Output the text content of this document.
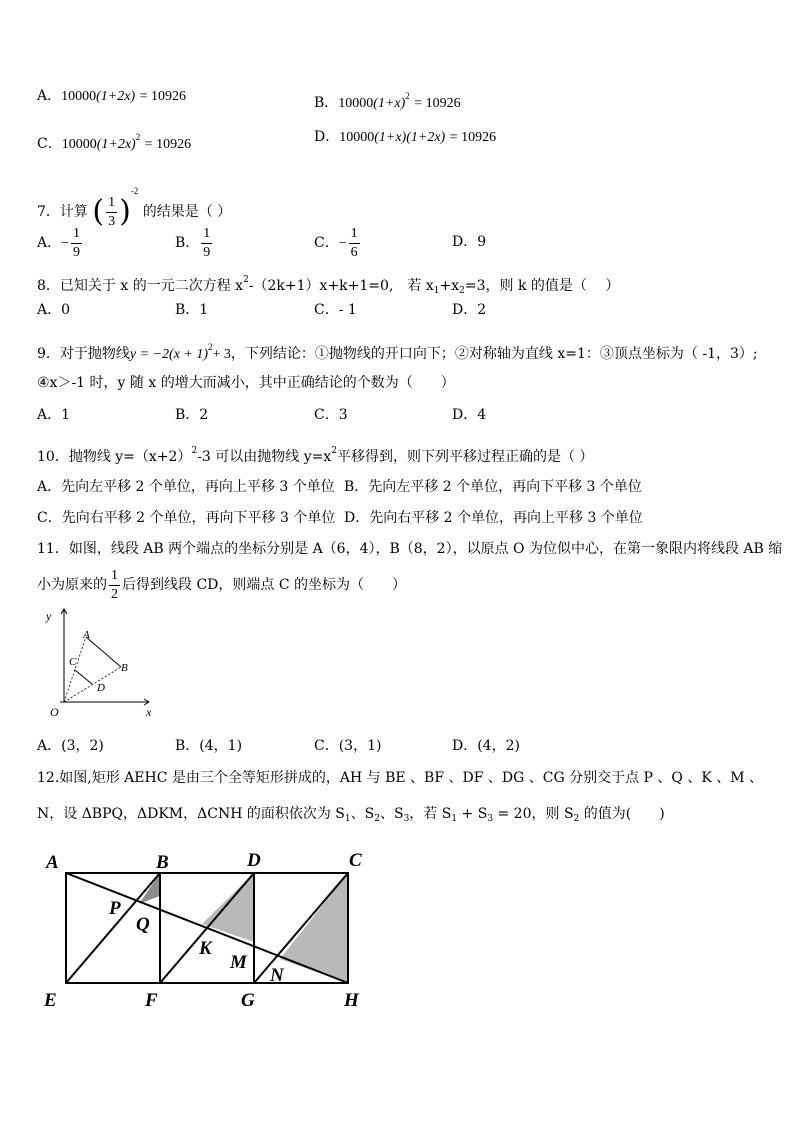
A．10000(1+2x) = 10926	B．$10000(1+x)^2 = 10926$
C．$10000(1+2x)^2 = 10926$	D．10000(1+x)(1+2x) = 10926
7．计算 ( $\frac{1}{3} )^{-2}$ 的结果是（ ）
A．− $\frac{1}{9}$	B． $\frac{1}{9}$	C．− $\frac{1}{6}$	D．9
8．已知关于 x 的一元二次方程 $x^2-(2k+1)x+k+1=0$,　若 $x_1+x_2=3$，则 k 的值是（　 ）
A．0	B．1	C．- 1	D．2
9．对于抛物线$y = -2(x + 1)^2+ 3$，下列结论：①抛物线的开口向下；②对称轴为直线 x=1：③顶点坐标为（ -1，3）;
④x＞-1 时，y 随 x 的增大而减小，其中正确结论的个数为（　　）
A．1	B．2	C．3	D．4
10．抛物线 $y=(x+2)^2-3$ 可以由抛物线 $y=x^2$平移得到，则下列平移过程正确的是（ ）
A．先向左平移 2 个单位，再向上平移 3 个单位 B．先向左平移 2 个单位，再向下平移 3 个单位
C．先向右平移 2 个单位，再向下平移 3 个单位 D．先向右平移 2 个单位，再向上平移 3 个单位
11．如图，线段 AB 两个端点的坐标分别是 A（6，4），B（8，2），以原点 O 为位似中心，在第一象限内将线段 AB 缩
小为原来的 $\frac{1}{2}$ 后得到线段 CD，则端点 C 的坐标为（　　）
y
x
O
A
B
C
D
A．(3，2)	B．(4，1)	C．(3，1)	D．(4，2)
12.如图,矩形 AEHC 是由三个全等矩形拼成的，AH 与 BE 、BF 、DF 、DG 、CG 分别交于点 P 、Q 、K 、M 、
N，设 ΔBPQ，ΔDKM，ΔCNH 的面积依次为 $S_1$、$S_2$、$S_3$，若 $S_1 + S_3 = 20$，则 $S_2$ 的值为(　　)
A	B	D	C
E	F	G	H
P
Q
K
M
N
